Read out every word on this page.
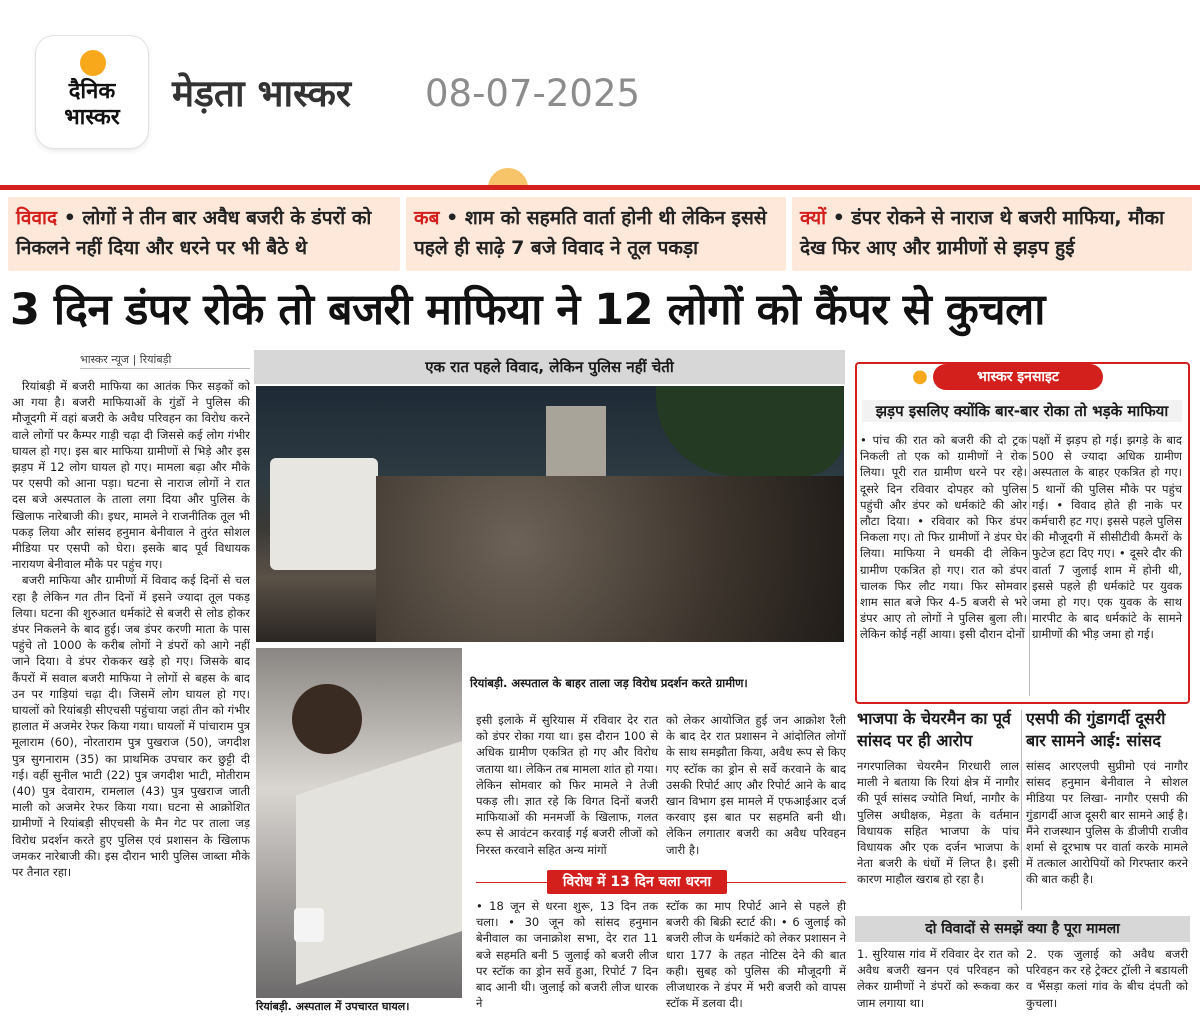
दैनिक
भास्कर
मेड़ता भास्कर 08-07-2025
विवाद • लोगों ने तीन बार अवैध बजरी के डंपरों को निकलने नहीं दिया और धरने पर भी बैठे थे
कब • शाम को सहमति वार्ता होनी थी लेकिन इससे पहले ही साढ़े 7 बजे विवाद ने तूल पकड़ा
क्यों • डंपर रोकने से नाराज थे बजरी माफिया, मौका देख फिर आए और ग्रामीणों से झड़प हुई
3 दिन डंपर रोके तो बजरी माफिया ने 12 लोगों को कैंपर से कुचला
भास्कर न्यूज | रियांबड़ी

रियांबड़ी में बजरी माफिया का आतंक फिर सड़कों को आ गया है। बजरी माफियाओं के गुंडों ने पुलिस की मौजूदगी में वहां बजरी के अवैध परिवहन का विरोध करने वाले लोगों पर कैम्पर गाड़ी चढ़ा दी जिससे कई लोग गंभीर घायल हो गए। इस बार माफिया ग्रामीणों से भिड़े और इस झड़प में 12 लोग घायल हो गए। मामला बढ़ा और मौके पर एसपी को आना पड़ा। घटना से नाराज लोगों ने रात दस बजे अस्पताल के ताला लगा दिया और पुलिस के खिलाफ नारेबाजी की। इधर, मामले ने राजनीतिक तूल भी पकड़ लिया और सांसद हनुमान बेनीवाल ने तुरंत सोशल मीडिया पर एसपी को घेरा। इसके बाद पूर्व विधायक नारायण बेनीवाल मौके पर पहुंच गए।

बजरी माफिया और ग्रामीणों में विवाद कई दिनों से चल रहा है लेकिन गत तीन दिनों में इसने ज्यादा तूल पकड़ लिया। घटना की शुरुआत धर्मकांटे से बजरी से लोड होकर डंपर निकलने के बाद हुई। जब डंपर करणी माता के पास पहुंचे तो 1000 के करीब लोगों ने डंपरों को आगे नहीं जाने दिया। वे डंपर रोककर खड़े हो गए। जिसके बाद कैंपरों में सवाल बजरी माफिया ने लोगों से बहस के बाद उन पर गाड़ियां चढ़ा दी। जिसमें लोग घायल हो गए। घायलों को रियांबड़ी सीएचसी पहुंचाया जहां तीन को गंभीर हालात में अजमेर रेफर किया गया। घायलों में पांचाराम पुत्र मूलाराम (60), नोरताराम पुत्र पुखराज (50), जगदीश पुत्र सुगनाराम (35) का प्राथमिक उपचार कर छुट्टी दी गई। वहीं सुनील भाटी (22) पुत्र जगदीश भाटी, मोतीराम (40) पुत्र देवाराम, रामलाल (43) पुत्र पुखराज जाती माली को अजमेर रेफर किया गया। घटना से आक्रोशित ग्रामीणों ने रियांबड़ी सीएचसी के मैन गेट पर ताला जड़ विरोध प्रदर्शन करते हुए पुलिस एवं प्रशासन के खिलाफ जमकर नारेबाजी की। इस दौरान भारी पुलिस जाब्ता मौके पर तैनात रहा।

एक रात पहले विवाद, लेकिन पुलिस नहीं चेती
रियांबड़ी. अस्पताल के बाहर ताला जड़ विरोध प्रदर्शन करते ग्रामीण।
रियांबड़ी. अस्पताल में उपचारत घायल।
इसी इलाके में सुरियास में रविवार देर रात को डंपर रोका गया था। इस दौरान 100 से अधिक ग्रामीण एकत्रित हो गए और विरोध जताया था। लेकिन तब मामला शांत हो गया। लेकिन सोमवार को फिर मामले ने तेजी पकड़ ली। ज्ञात रहे कि विगत दिनों बजरी माफियाओं की मनमर्जी के खिलाफ, गलत रूप से आवंटन करवाई गई बजरी लीजों को निरस्त करवाने सहित अन्य मांगों
को लेकर आयोजित हुई जन आक्रोश रैली के बाद देर रात प्रशासन ने आंदोलित लोगों के साथ समझौता किया, अवैध रूप से किए गए स्टॉक का ड्रोन से सर्वे करवाने के बाद उसकी रिपोर्ट आए और रिपोर्ट आने के बाद खान विभाग इस मामले में एफआईआर दर्ज करवाए इस बात पर सहमति बनी थी। लेकिन लगातार बजरी का अवैध परिवहन जारी है।
विरोध में 13 दिन चला धरना
• 18 जून से धरना शुरू, 13 दिन तक चला। • 30 जून को सांसद हनुमान बेनीवाल का जनाक्रोश सभा, देर रात 11 बजे सहमति बनी 5 जुलाई को बजरी लीज पर स्टॉक का ड्रोन सर्वे हुआ, रिपोर्ट 7 दिन बाद आनी थी। जुलाई को बजरी लीज धारक ने
स्टॉक का माप रिपोर्ट आने से पहले ही बजरी की बिक्री स्टार्ट की। • 6 जुलाई को बजरी लीज के धर्मकांटे को लेकर प्रशासन ने धारा 177 के तहत नोटिस देने की बात कही। सुबह को पुलिस की मौजूदगी में लीजधारक ने डंपर में भरी बजरी को वापस स्टॉक में डलवा दी।
●	भास्कर इनसाइट
झड़प इसलिए क्योंकि बार-बार रोका तो भड़के माफिया
• पांच की रात को बजरी की दो ट्रक निकली तो एक को ग्रामीणों ने रोक लिया। पूरी रात ग्रामीण धरने पर रहे। दूसरे दिन रविवार दोपहर को पुलिस पहुंची और डंपर को धर्मकांटे की ओर लौटा दिया। • रविवार को फिर डंपर निकला गए। तो फिर ग्रामीणों ने डंपर घेर लिया। माफिया ने धमकी दी लेकिन ग्रामीण एकत्रित हो गए। रात को डंपर चालक फिर लौट गया। फिर सोमवार शाम सात बजे फिर 4-5 बजरी से भरे डंपर आए तो लोगों ने पुलिस बुला ली। लेकिन कोई नहीं आया। इसी दौरान दोनों
पक्षों में झड़प हो गई। झगड़े के बाद 500 से ज्यादा अधिक ग्रामीण अस्पताल के बाहर एकत्रित हो गए। 5 थानों की पुलिस मौके पर पहुंच गई। • विवाद होते ही नाके पर कर्मचारी हट गए। इससे पहले पुलिस की मौजूदगी में सीसीटीवी कैमरों के फुटेज हटा दिए गए। • दूसरे दौर की वार्ता 7 जुलाई शाम में होनी थी, इससे पहले ही धर्मकांटे पर युवक जमा हो गए। एक युवक के साथ मारपीट के बाद धर्मकांटे के सामने ग्रामीणों की भीड़ जमा हो गई।
भाजपा के चेयरमैन का पूर्व सांसद पर ही आरोप
नगरपालिका चेयरमैन गिरधारी लाल माली ने बताया कि रियां क्षेत्र में नागौर की पूर्व सांसद ज्योति मिर्धा, नागौर के पुलिस अधीक्षक, मेड़ता के वर्तमान विधायक सहित भाजपा के पांच विधायक और एक दर्जन भाजपा के नेता बजरी के धंधों में लिप्त है। इसी कारण माहौल खराब हो रहा है।
एसपी की गुंडागर्दी दूसरी बार सामने आई: सांसद
सांसद आरएलपी सुप्रीमो एवं नागौर सांसद हनुमान बेनीवाल ने सोशल मीडिया पर लिखा- नागौर एसपी की गुंडागर्दी आज दूसरी बार सामने आई है। मैंने राजस्थान पुलिस के डीजीपी राजीव शर्मा से दूरभाष पर वार्ता करके मामले में तत्काल आरोपियों को गिरफ्तार करने की बात कही है।
दो विवादों से समझें क्या है पूरा मामला
1. सुरियास गांव में रविवार देर रात को अवैध बजरी खनन एवं परिवहन को लेकर ग्रामीणों ने डंपरों को रूकवा कर जाम लगाया था।
2. एक जुलाई को अवैध बजरी परिवहन कर रहे ट्रेक्टर ट्रॉली ने बडायली व भैंसड़ा कलां गांव के बीच दंपती को कुचला।
